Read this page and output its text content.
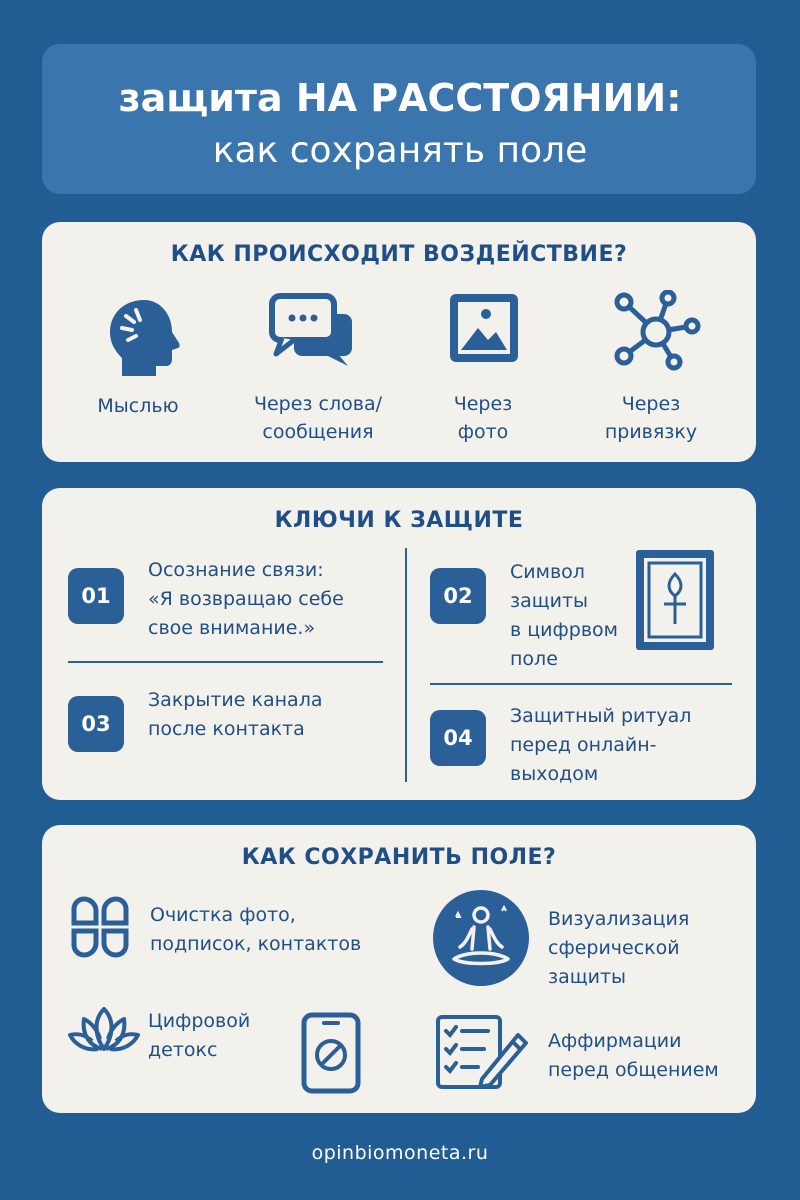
защита НА РАССТОЯНИИ:
как сохранять поле
КАК ПРОИСХОДИТ ВОЗДЕЙСТВИЕ?
Мыслью	Через слова/
сообщения
Через
фото
Через
привязку
КЛЮЧИ К ЗАЩИТЕ
01
Осознание связи:
«Я возвращаю себе
свое внимание.»
02
Символ
защиты
в цифрвом
поле
03
Закрытие канала
после контакта	04
Защитный ритуал
перед онлайн-
выходом
КАК СОХРАНИТЬ ПОЛЕ?
Очистка фото,
подписок, контактов
Визуализация
сферической
защиты
Цифровой
детокс	Аффирмации
перед общением
opinbiomoneta.ru
